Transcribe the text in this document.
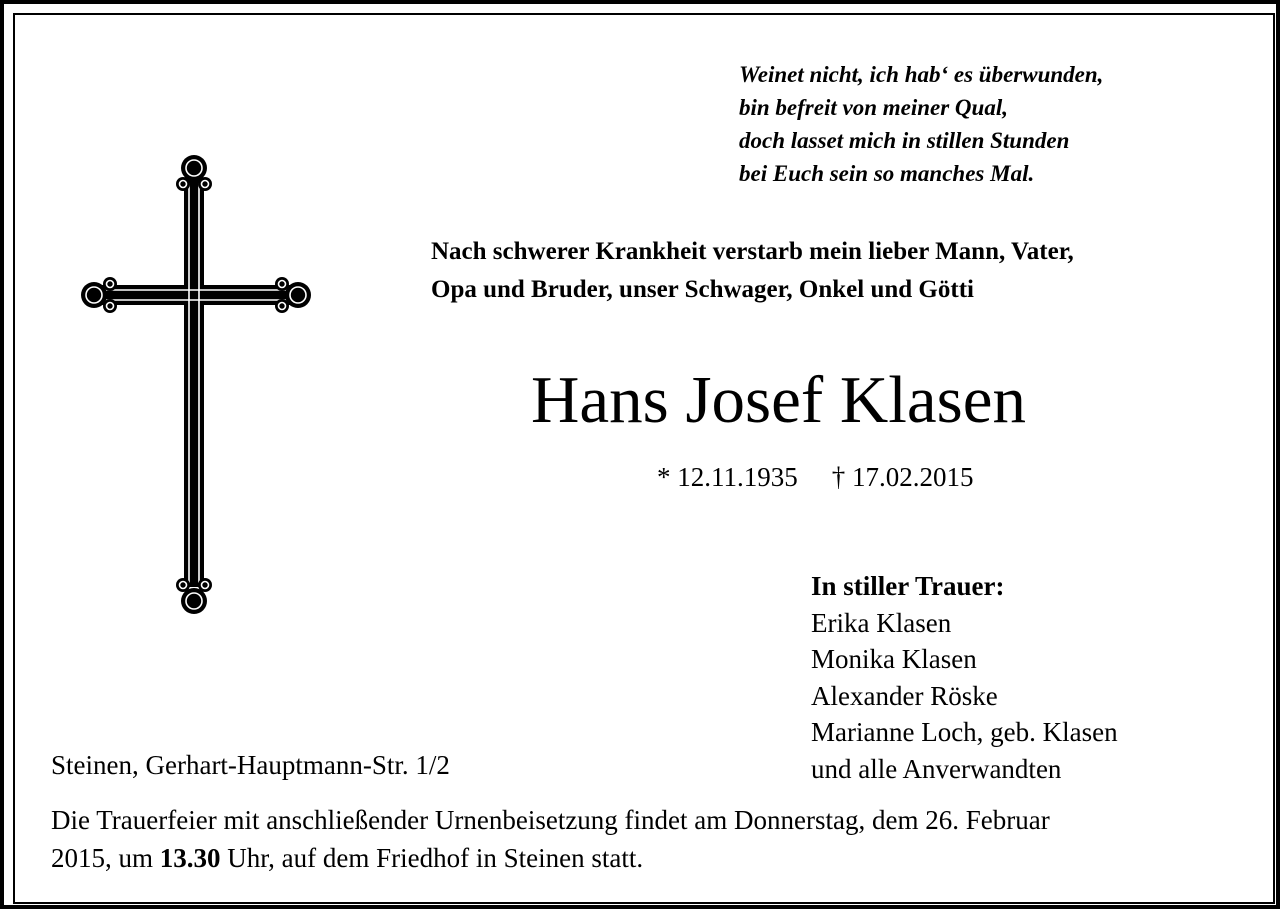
Weinet nicht, ich hab‘ es überwunden,
bin befreit von meiner Qual,
doch lasset mich in stillen Stunden
bei Euch sein so manches Mal.
Nach schwerer Krankheit verstarb mein lieber Mann, Vater,
Opa und Bruder, unser Schwager, Onkel und Götti
Hans Josef Klasen
* 12.11.1935 † 17.02.2015
In stiller Trauer:
Erika Klasen
Monika Klasen
Alexander Röske
Marianne Loch, geb. Klasen
und alle Anverwandten
Steinen, Gerhart-Hauptmann-Str. 1/2
Die Trauerfeier mit anschließender Urnenbeisetzung findet am Donnerstag, dem 26. Februar
2015, um 13.30 Uhr, auf dem Friedhof in Steinen statt.
